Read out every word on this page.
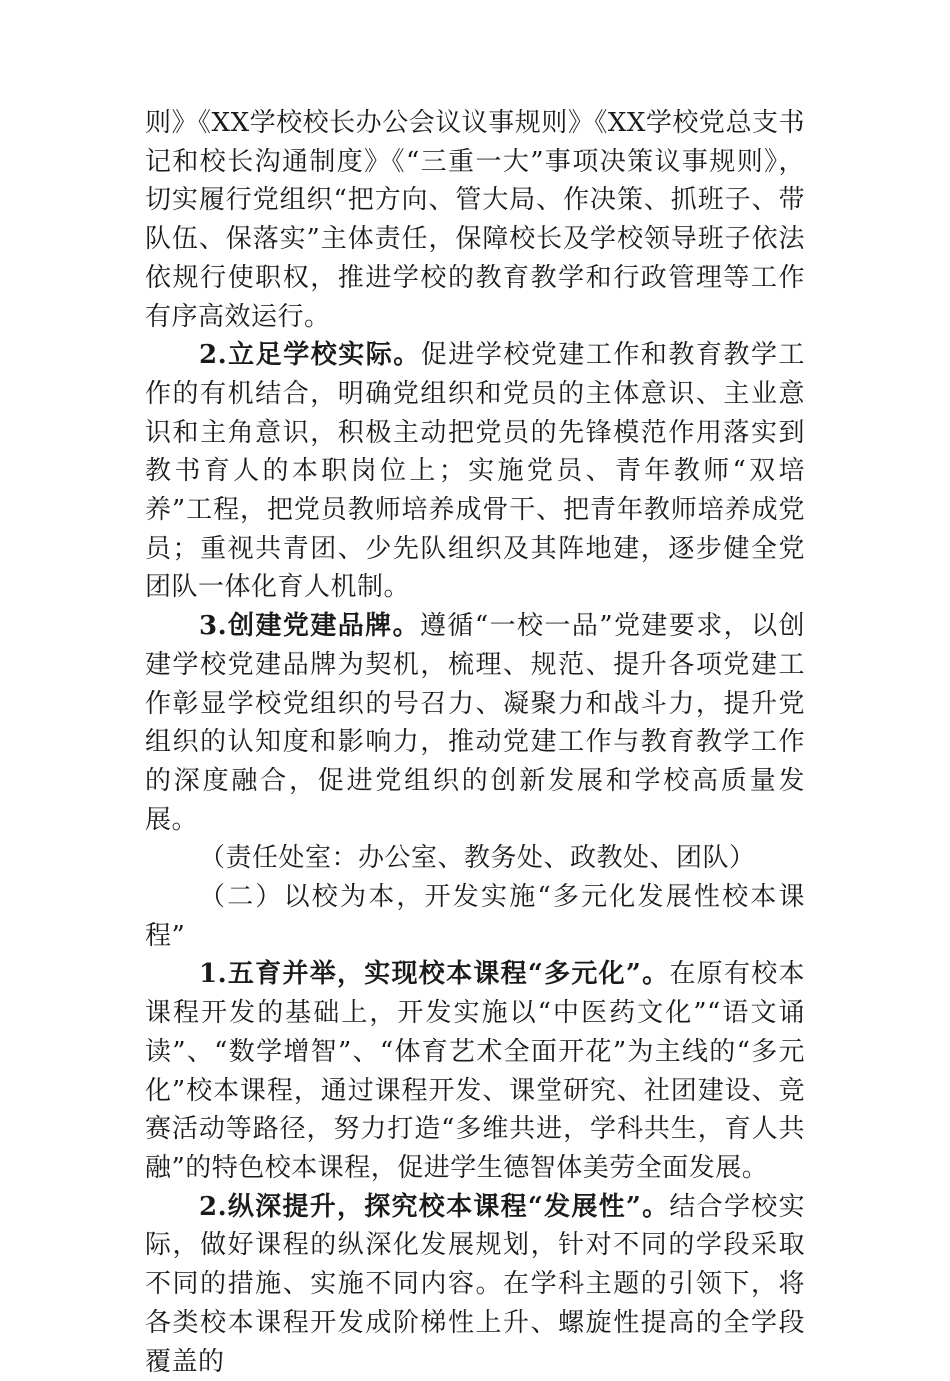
则》《XX学校校长办公会议议事规则》《XX学校党总支书记和校长沟通制度》《“三重一大”事项决策议事规则》，切实履行党组织“把方向、管大局、作决策、抓班子、带队伍、保落实”主体责任，保障校长及学校领导班子依法依规行使职权，推进学校的教育教学和行政管理等工作有序高效运行。

2.立足学校实际。促进学校党建工作和教育教学工作的有机结合，明确党组织和党员的主体意识、主业意识和主角意识，积极主动把党员的先锋模范作用落实到教书育人的本职岗位上；实施党员、青年教师“双培养”工程，把党员教师培养成骨干、把青年教师培养成党员；重视共青团、少先队组织及其阵地建，逐步健全党团队一体化育人机制。

3.创建党建品牌。遵循“一校一品”党建要求，以创建学校党建品牌为契机，梳理、规范、提升各项党建工作彰显学校党组织的号召力、凝聚力和战斗力，提升党组织的认知度和影响力，推动党建工作与教育教学工作的深度融合，促进党组织的创新发展和学校高质量发展。

（责任处室：办公室、教务处、政教处、团队）

（二）以校为本，开发实施“多元化发展性校本课程”

1.五育并举，实现校本课程“多元化”。在原有校本课程开发的基础上，开发实施以“中医药文化”“语文诵读”、“数学增智”、“体育艺术全面开花”为主线的“多元化”校本课程，通过课程开发、课堂研究、社团建设、竞赛活动等路径，努力打造“多维共进，学科共生，育人共融”的特色校本课程，促进学生德智体美劳全面发展。

2.纵深提升，探究校本课程“发展性”。结合学校实际，做好课程的纵深化发展规划，针对不同的学段采取不同的措施、实施不同内容。在学科主题的引领下，将各类校本课程开发成阶梯性上升、螺旋性提高的全学段覆盖的
